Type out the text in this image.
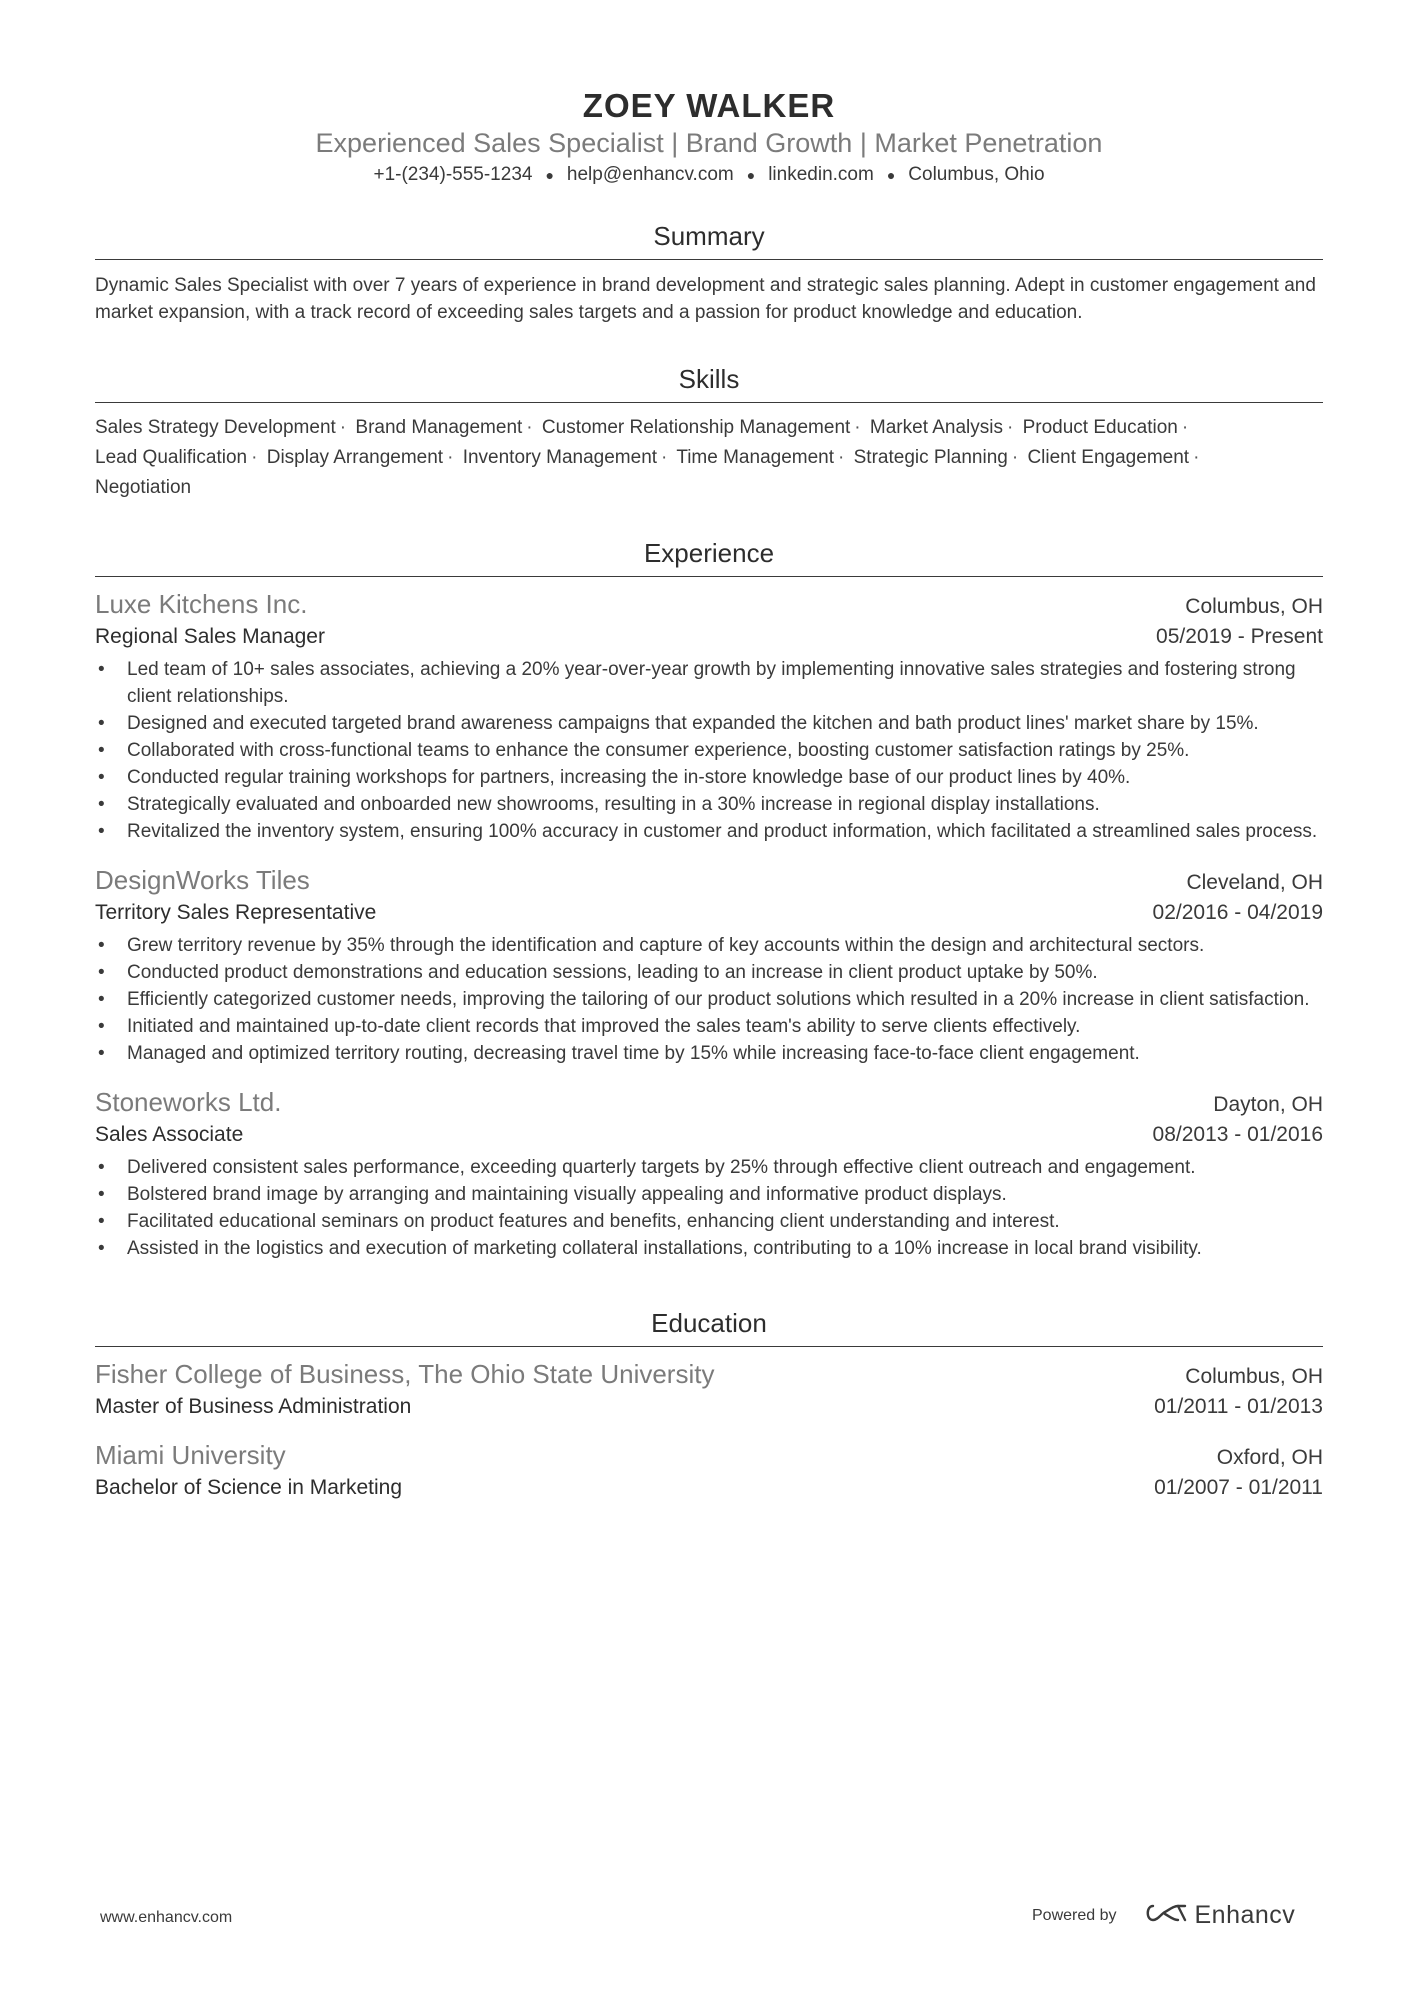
ZOEY WALKER
Experienced Sales Specialist | Brand Growth | Market Penetration
+1-(234)-555-1234 ● help@enhancv.com ● linkedin.com ● Columbus, Ohio
Summary
Dynamic Sales Specialist with over 7 years of experience in brand development and strategic sales planning. Adept in customer engagement and market expansion, with a track record of exceeding sales targets and a passion for product knowledge and education.
Skills
Sales Strategy Development · Brand Management · Customer Relationship Management · Market Analysis · Product Education ·
Lead Qualification · Display Arrangement · Inventory Management · Time Management · Strategic Planning · Client Engagement ·
Negotiation
Experience
Luxe Kitchens Inc.	Columbus, OH
Regional Sales Manager	05/2019 - Present
• Led team of 10+ sales associates, achieving a 20% year-over-year growth by implementing innovative sales strategies and fostering strong client relationships.
• Designed and executed targeted brand awareness campaigns that expanded the kitchen and bath product lines' market share by 15%.
• Collaborated with cross-functional teams to enhance the consumer experience, boosting customer satisfaction ratings by 25%.
• Conducted regular training workshops for partners, increasing the in-store knowledge base of our product lines by 40%.
• Strategically evaluated and onboarded new showrooms, resulting in a 30% increase in regional display installations.
• Revitalized the inventory system, ensuring 100% accuracy in customer and product information, which facilitated a streamlined sales process.
DesignWorks Tiles	Cleveland, OH
Territory Sales Representative	02/2016 - 04/2019
• Grew territory revenue by 35% through the identification and capture of key accounts within the design and architectural sectors.
• Conducted product demonstrations and education sessions, leading to an increase in client product uptake by 50%.
• Efficiently categorized customer needs, improving the tailoring of our product solutions which resulted in a 20% increase in client satisfaction.
• Initiated and maintained up-to-date client records that improved the sales team's ability to serve clients effectively.
• Managed and optimized territory routing, decreasing travel time by 15% while increasing face-to-face client engagement.
Stoneworks Ltd.	Dayton, OH
Sales Associate	08/2013 - 01/2016
• Delivered consistent sales performance, exceeding quarterly targets by 25% through effective client outreach and engagement.
• Bolstered brand image by arranging and maintaining visually appealing and informative product displays.
• Facilitated educational seminars on product features and benefits, enhancing client understanding and interest.
• Assisted in the logistics and execution of marketing collateral installations, contributing to a 10% increase in local brand visibility.
Education
Fisher College of Business, The Ohio State University	Columbus, OH
Master of Business Administration	01/2011 - 01/2013
Miami University	Oxford, OH
Bachelor of Science in Marketing	01/2007 - 01/2011
www.enhancv.com	Powered by	Enhancv
